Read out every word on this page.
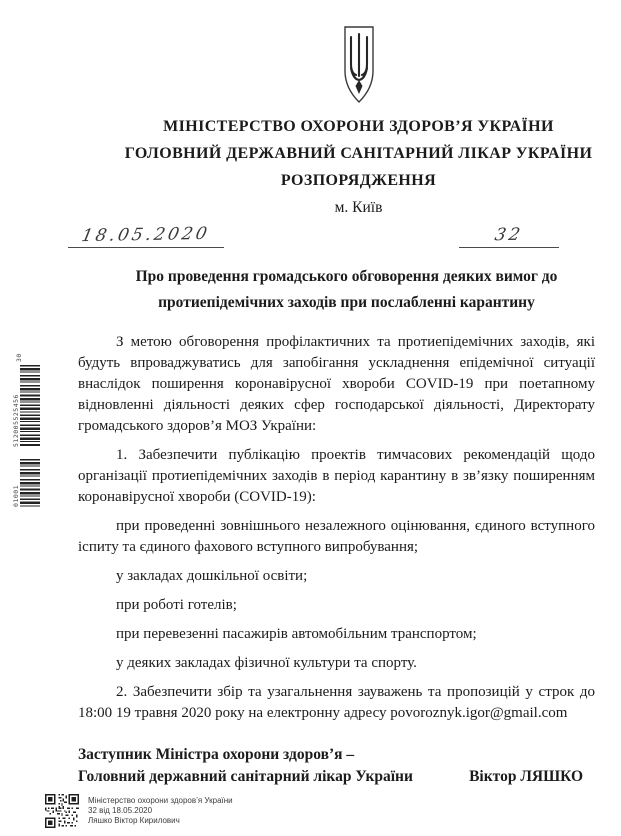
30
512005525456
01001
МІНІСТЕРСТВО ОХОРОНИ ЗДОРОВ’Я УКРАЇНИ
ГОЛОВНИЙ ДЕРЖАВНИЙ САНІТАРНИЙ ЛІКАР УКРАЇНИ
РОЗПОРЯДЖЕННЯ
м. Київ
18.05.2020	32
Про проведення громадського обговорення деяких вимог до протиепідемічних заходів при послабленні карантину

З метою обговорення профілактичних та протиепідемічних заходів, які будуть впроваджуватись для запобігання ускладнення епідемічної ситуації внаслідок поширення коронавірусної хвороби COVID-19 при поетапному відновленні діяльності деяких сфер господарської діяльності, Директорату громадського здоров’я МОЗ України:

1. Забезпечити публікацію проектів тимчасових рекомендацій щодо організації протиепідемічних заходів в період карантину в зв’язку поширенням коронавірусної хвороби (COVID-19):

при проведенні зовнішнього незалежного оцінювання, єдиного вступного іспиту та єдиного фахового вступного випробування;

у закладах дошкільної освіти;

при роботі готелів;

при перевезенні пасажирів автомобільним транспортом;

у деяких закладах фізичної культури та спорту.

2. Забезпечити збір та узагальнення зауважень та пропозицій у строк до 18:00 19 травня 2020 року на електронну адресу povoroznyk.igor@gmail.com

Заступник Міністра охорони здоров’я –
Головний державний санітарний лікар України	Віктор ЛЯШКО
Міністерство охорони здоров’я України
32 від 18.05.2020
Ляшко Віктор Кирилович
